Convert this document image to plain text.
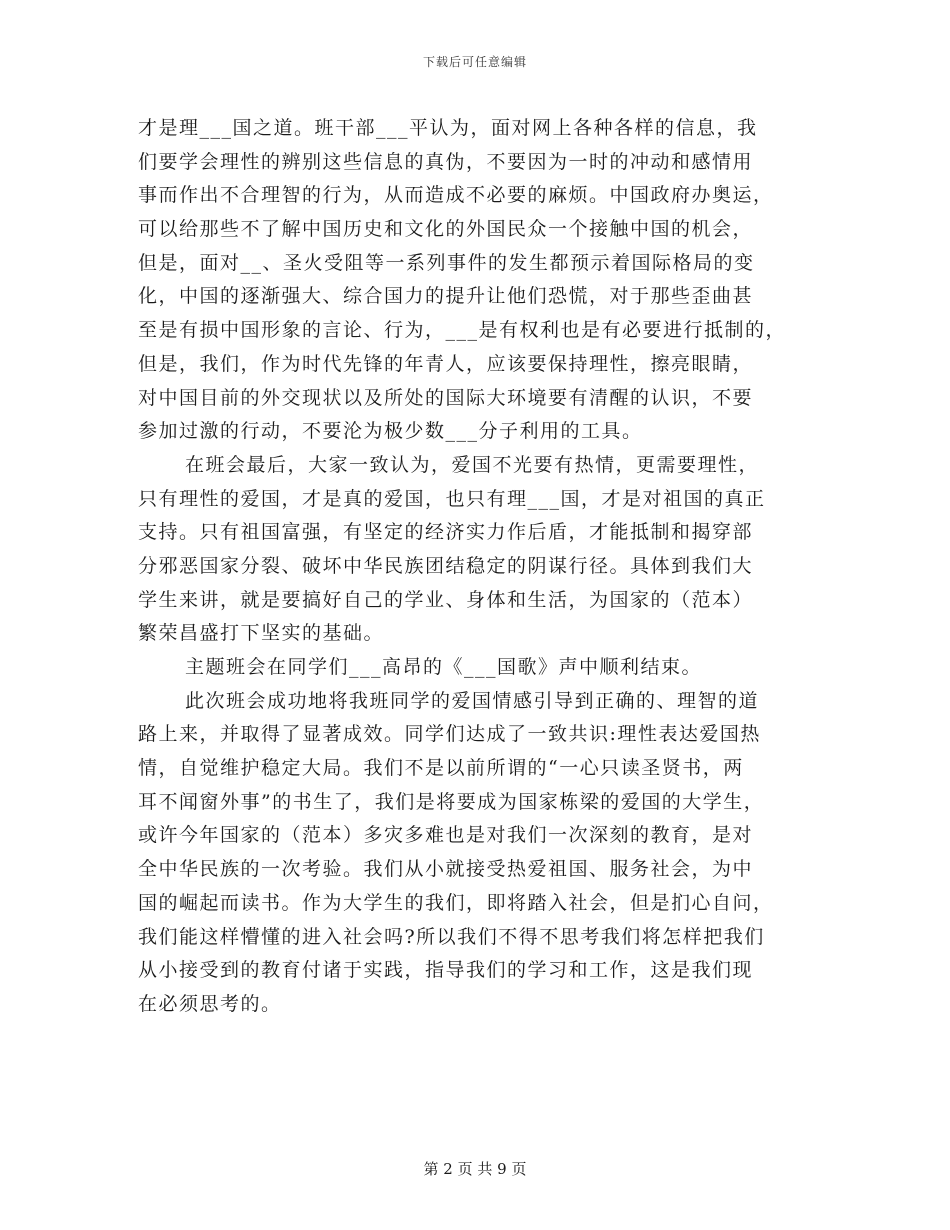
下载后可任意编辑
才是理___国之道。班干部___平认为，面对网上各种各样的信息，我
们要学会理性的辨别这些信息的真伪，不要因为一时的冲动和感情用
事而作出不合理智的行为，从而造成不必要的麻烦。中国政府办奥运，
可以给那些不了解中国历史和文化的外国民众一个接触中国的机会，
但是，面对__、圣火受阻等一系列事件的发生都预示着国际格局的变
化，中国的逐渐强大、综合国力的提升让他们恐慌，对于那些歪曲甚
至是有损中国形象的言论、行为，___是有权利也是有必要进行抵制的，
但是，我们，作为时代先锋的年青人，应该要保持理性，擦亮眼睛，
对中国目前的外交现状以及所处的国际大环境要有清醒的认识，不要
参加过激的行动，不要沦为极少数___分子利用的工具。
在班会最后，大家一致认为，爱国不光要有热情，更需要理性，
只有理性的爱国，才是真的爱国，也只有理___国，才是对祖国的真正
支持。只有祖国富强，有坚定的经济实力作后盾，才能抵制和揭穿部
分邪恶国家分裂、破坏中华民族团结稳定的阴谋行径。具体到我们大
学生来讲，就是要搞好自己的学业、身体和生活，为国家的（范本）
繁荣昌盛打下坚实的基础。
主题班会在同学们___高昂的《___国歌》声中顺利结束。
此次班会成功地将我班同学的爱国情感引导到正确的、理智的道
路上来，并取得了显著成效。同学们达成了一致共识:理性表达爱国热
情，自觉维护稳定大局。我们不是以前所谓的“一心只读圣贤书，两
耳不闻窗外事”的书生了，我们是将要成为国家栋梁的爱国的大学生，
或许今年国家的（范本）多灾多难也是对我们一次深刻的教育，是对
全中华民族的一次考验。我们从小就接受热爱祖国、服务社会，为中
国的崛起而读书。作为大学生的我们，即将踏入社会，但是扪心自问，
我们能这样懵懂的进入社会吗?所以我们不得不思考我们将怎样把我们
从小接受到的教育付诸于实践，指导我们的学习和工作，这是我们现
在必须思考的。
第 2 页 共 9 页
